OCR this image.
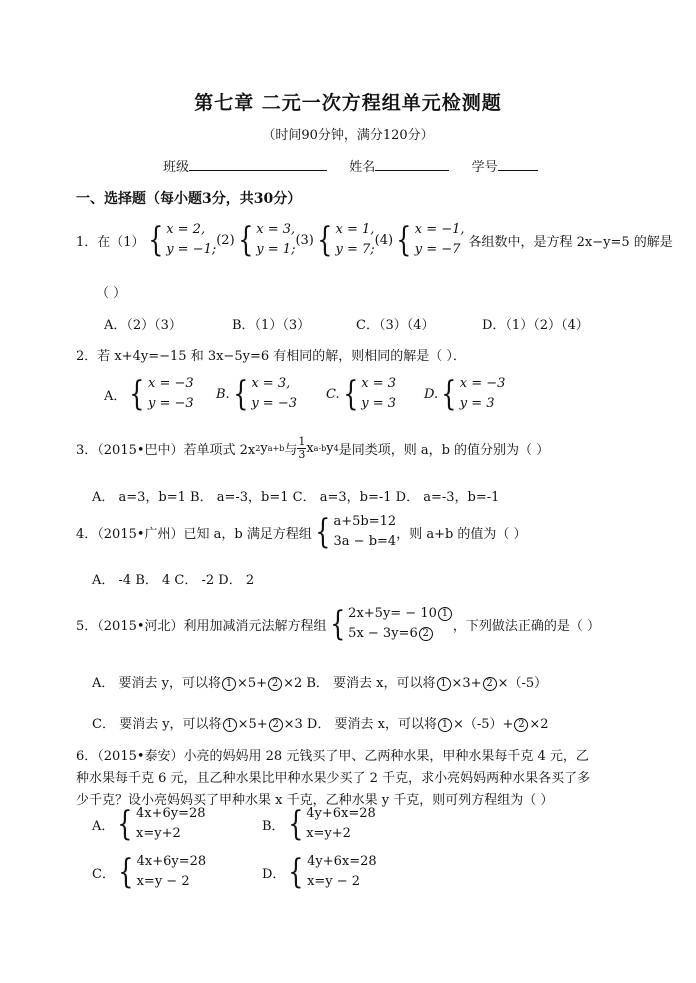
第七章 二元一次方程组单元检测题
（时间90分钟，满分120分）
班级	姓名	学号
一、选择题（每小题3分，共30分）
1．在（1） { x = 2,
y = −1;
(2) { x = 3,
y = 1;
(3) { x = 1,
y = 7;
(4) { x = −1,
y = −7 各组数中，是方程 2x−y=5 的解是
（ ）
A．（2）（3）	B．（1）（3）	C．（3）（4）	D．（1）（2）（4）
2．若 x+4y=−15 和 3x−5y=6 有相同的解，则相同的解是（ ）．
A． { x = −3
y = −3
B. { x = 3,
y = −3
C. { x = 3
y = 3
D. { x = −3
y = 3
3．（2015•巴中）若单项式 2x 2 y a+b 与 $\frac{1}{3}$ x a-b y 4 是同类项，则 a，b 的值分别为（ ）
A． a=3，b=1 B． a=-3，b=1 C． a=3，b=-1 D． a=-3，b=-1
4．（2015•广州）已知 a，b 满足方程组 { a+5b=12
3a − b=4 ，则 a+b 的值为（ ）
A． -4 B． 4 C． -2 D． 2
5．（2015•河北）利用加减消元法解方程组 { 2x+5y= − 10 1
5x − 3y=6 2	，下列做法正确的是（ ）
A． 要消去 y，可以将 1 ×5+ 2 ×2 B． 要消去 x，可以将 1 ×3+ 2 ×（-5）
C． 要消去 y，可以将 1 ×5+ 2 ×3 D． 要消去 x，可以将 1 ×（-5）+ 2 ×2
6．（2015•泰安）小亮的妈妈用 28 元钱买了甲、乙两种水果，甲种水果每千克 4 元，乙
种水果每千克 6 元，且乙种水果比甲种水果少买了 2 千克，求小亮妈妈两种水果各买了多
少千克？设小亮妈妈买了甲种水果 x 千克，乙种水果 y 千克，则可列方程组为（ ）
A． { 4x+6y=28
x=y+2	B． { 4y+6x=28
x=y+2
C． { 4x+6y=28
x=y − 2	D． { 4y+6x=28
x=y − 2
